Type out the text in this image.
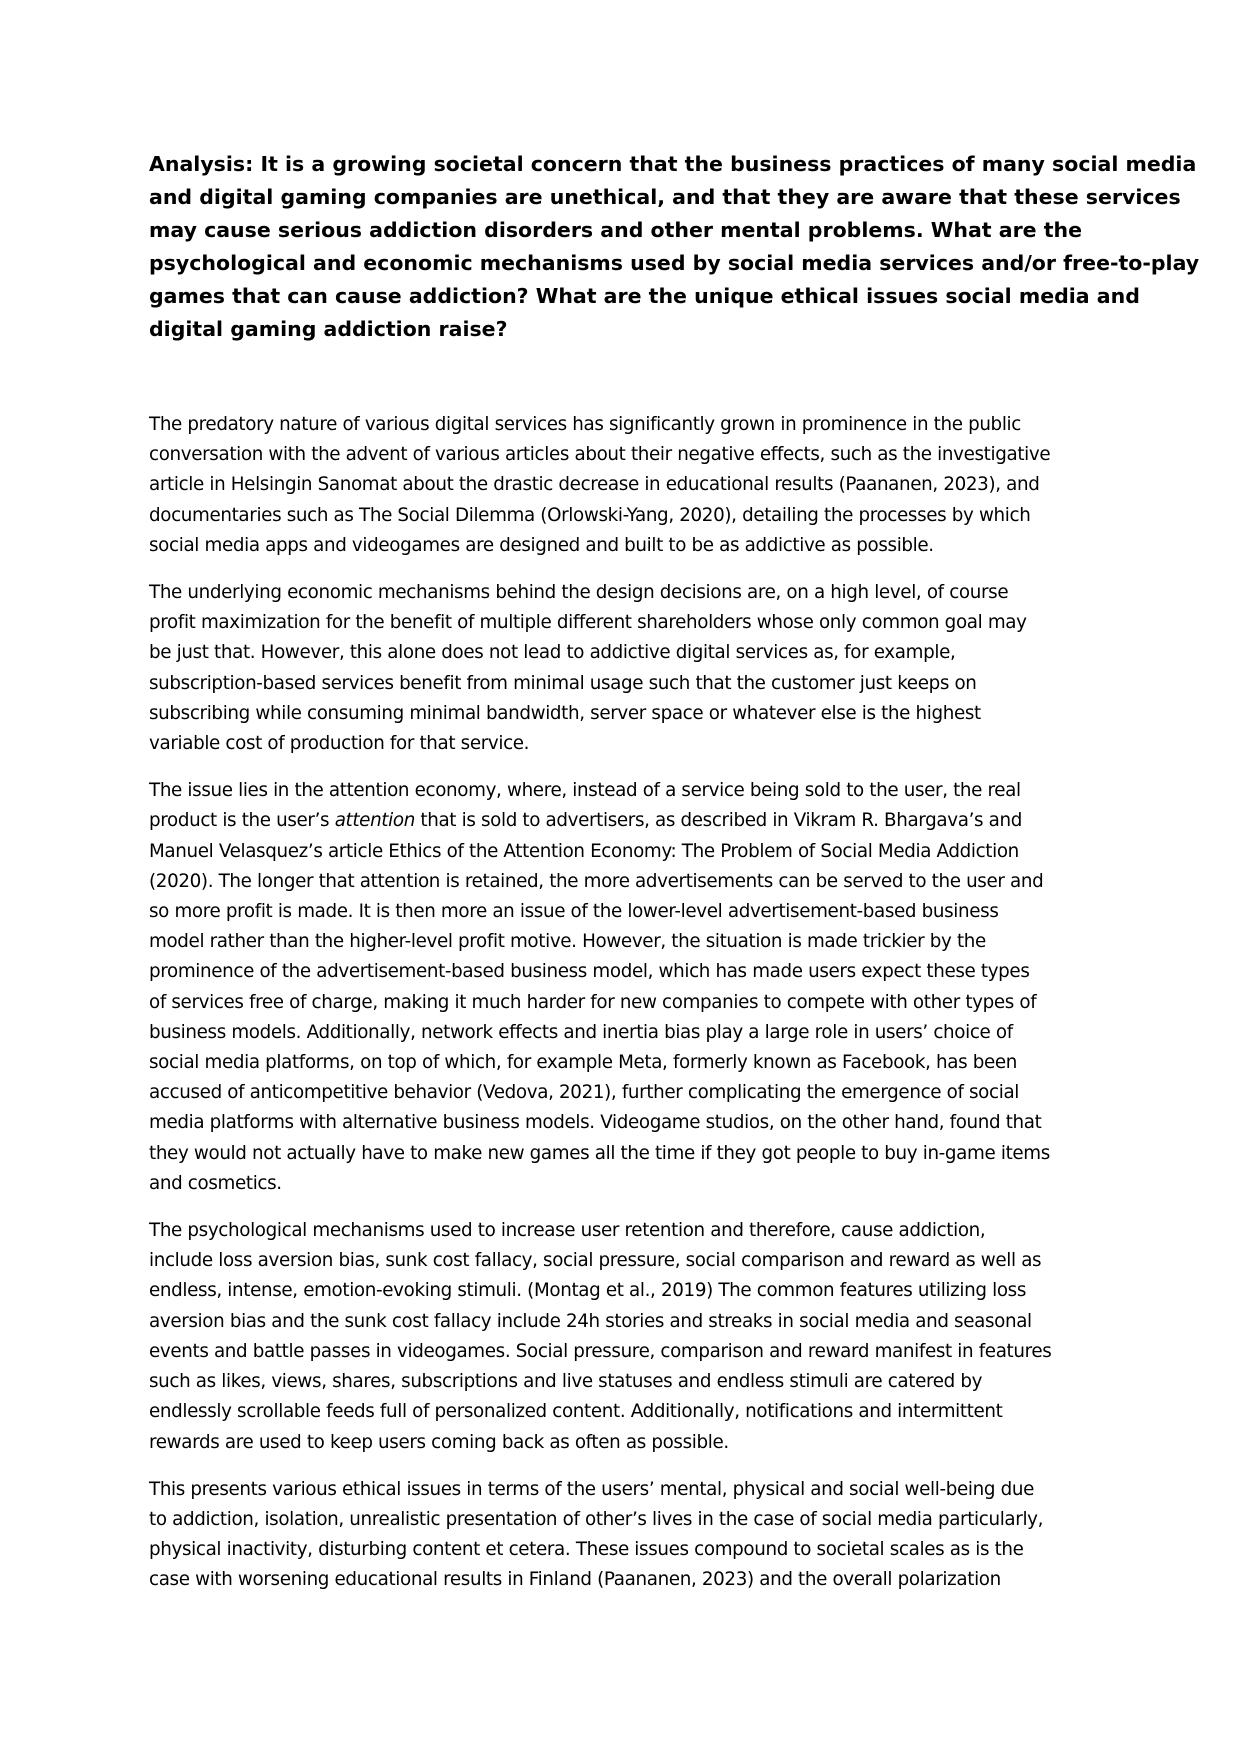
Analysis: It is a growing societal concern that the business practices of many social media
and digital gaming companies are unethical, and that they are aware that these services
may cause serious addiction disorders and other mental problems. What are the
psychological and economic mechanisms used by social media services and/or free-to-play
games that can cause addiction? What are the unique ethical issues social media and
digital gaming addiction raise?

The predatory nature of various digital services has significantly grown in prominence in the public
conversation with the advent of various articles about their negative effects, such as the investigative
article in Helsingin Sanomat about the drastic decrease in educational results (Paananen, 2023), and
documentaries such as The Social Dilemma (Orlowski-Yang, 2020), detailing the processes by which
social media apps and videogames are designed and built to be as addictive as possible.

The underlying economic mechanisms behind the design decisions are, on a high level, of course
profit maximization for the benefit of multiple different shareholders whose only common goal may
be just that. However, this alone does not lead to addictive digital services as, for example,
subscription-based services benefit from minimal usage such that the customer just keeps on
subscribing while consuming minimal bandwidth, server space or whatever else is the highest
variable cost of production for that service.

The issue lies in the attention economy, where, instead of a service being sold to the user, the real
product is the user’s attention that is sold to advertisers, as described in Vikram R. Bhargava’s and
Manuel Velasquez’s article Ethics of the Attention Economy: The Problem of Social Media Addiction
(2020). The longer that attention is retained, the more advertisements can be served to the user and
so more profit is made. It is then more an issue of the lower-level advertisement-based business
model rather than the higher-level profit motive. However, the situation is made trickier by the
prominence of the advertisement-based business model, which has made users expect these types
of services free of charge, making it much harder for new companies to compete with other types of
business models. Additionally, network effects and inertia bias play a large role in users’ choice of
social media platforms, on top of which, for example Meta, formerly known as Facebook, has been
accused of anticompetitive behavior (Vedova, 2021), further complicating the emergence of social
media platforms with alternative business models. Videogame studios, on the other hand, found that
they would not actually have to make new games all the time if they got people to buy in-game items
and cosmetics.

The psychological mechanisms used to increase user retention and therefore, cause addiction,
include loss aversion bias, sunk cost fallacy, social pressure, social comparison and reward as well as
endless, intense, emotion-evoking stimuli. (Montag et al., 2019) The common features utilizing loss
aversion bias and the sunk cost fallacy include 24h stories and streaks in social media and seasonal
events and battle passes in videogames. Social pressure, comparison and reward manifest in features
such as likes, views, shares, subscriptions and live statuses and endless stimuli are catered by
endlessly scrollable feeds full of personalized content. Additionally, notifications and intermittent
rewards are used to keep users coming back as often as possible.

This presents various ethical issues in terms of the users’ mental, physical and social well-being due
to addiction, isolation, unrealistic presentation of other’s lives in the case of social media particularly,
physical inactivity, disturbing content et cetera. These issues compound to societal scales as is the
case with worsening educational results in Finland (Paananen, 2023) and the overall polarization
